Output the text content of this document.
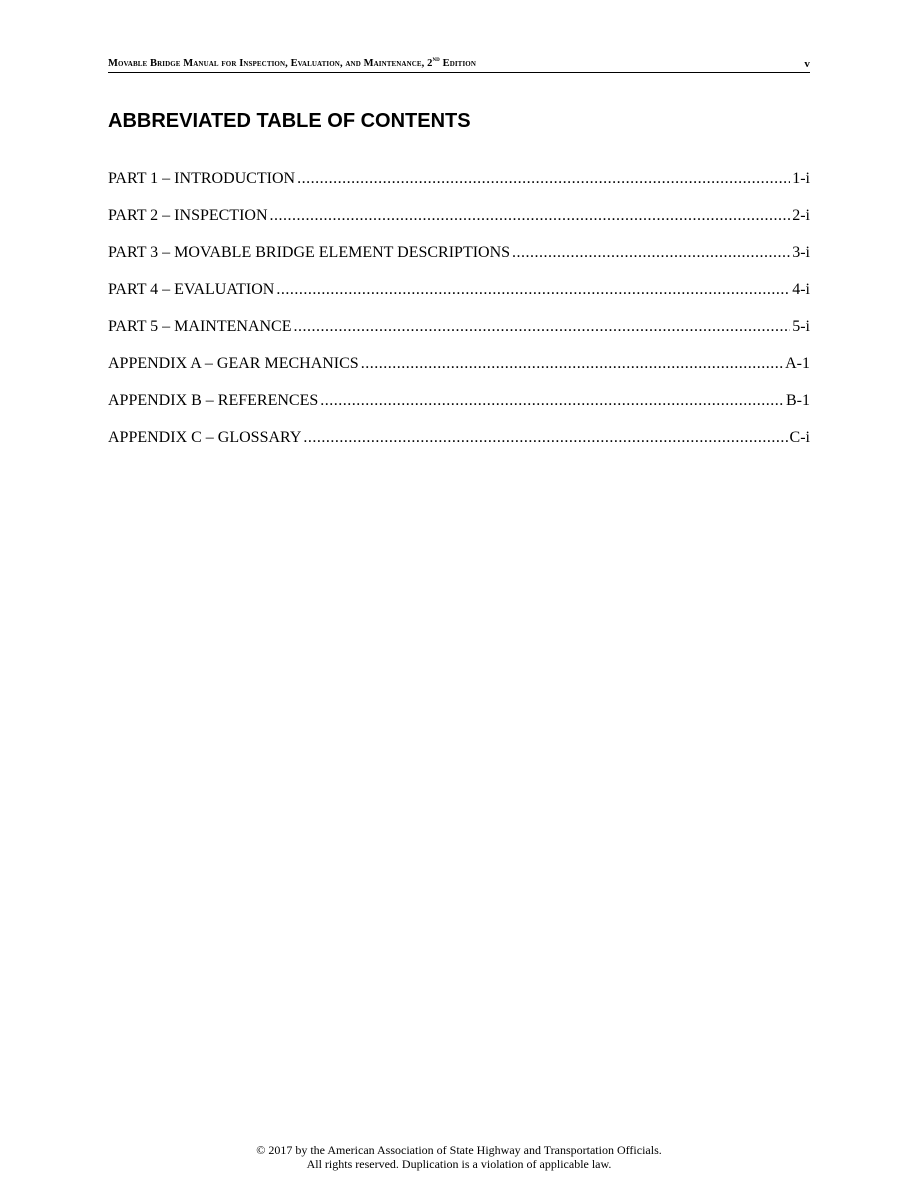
Movable Bridge Manual for Inspection, Evaluation, and Maintenance, 2nd Edition	v
ABBREVIATED TABLE OF CONTENTS
PART 1 – INTRODUCTION .....	1-i
PART 2 – INSPECTION .....	2-i
PART 3 – MOVABLE BRIDGE ELEMENT DESCRIPTIONS .....	3-i
PART 4 – EVALUATION .....	4-i
PART 5 – MAINTENANCE .....	5-i
APPENDIX A – GEAR MECHANICS .....	A-1
APPENDIX B – REFERENCES .....	B-1
APPENDIX C – GLOSSARY .....	C-i
© 2017 by the American Association of State Highway and Transportation Officials.
All rights reserved. Duplication is a violation of applicable law.
